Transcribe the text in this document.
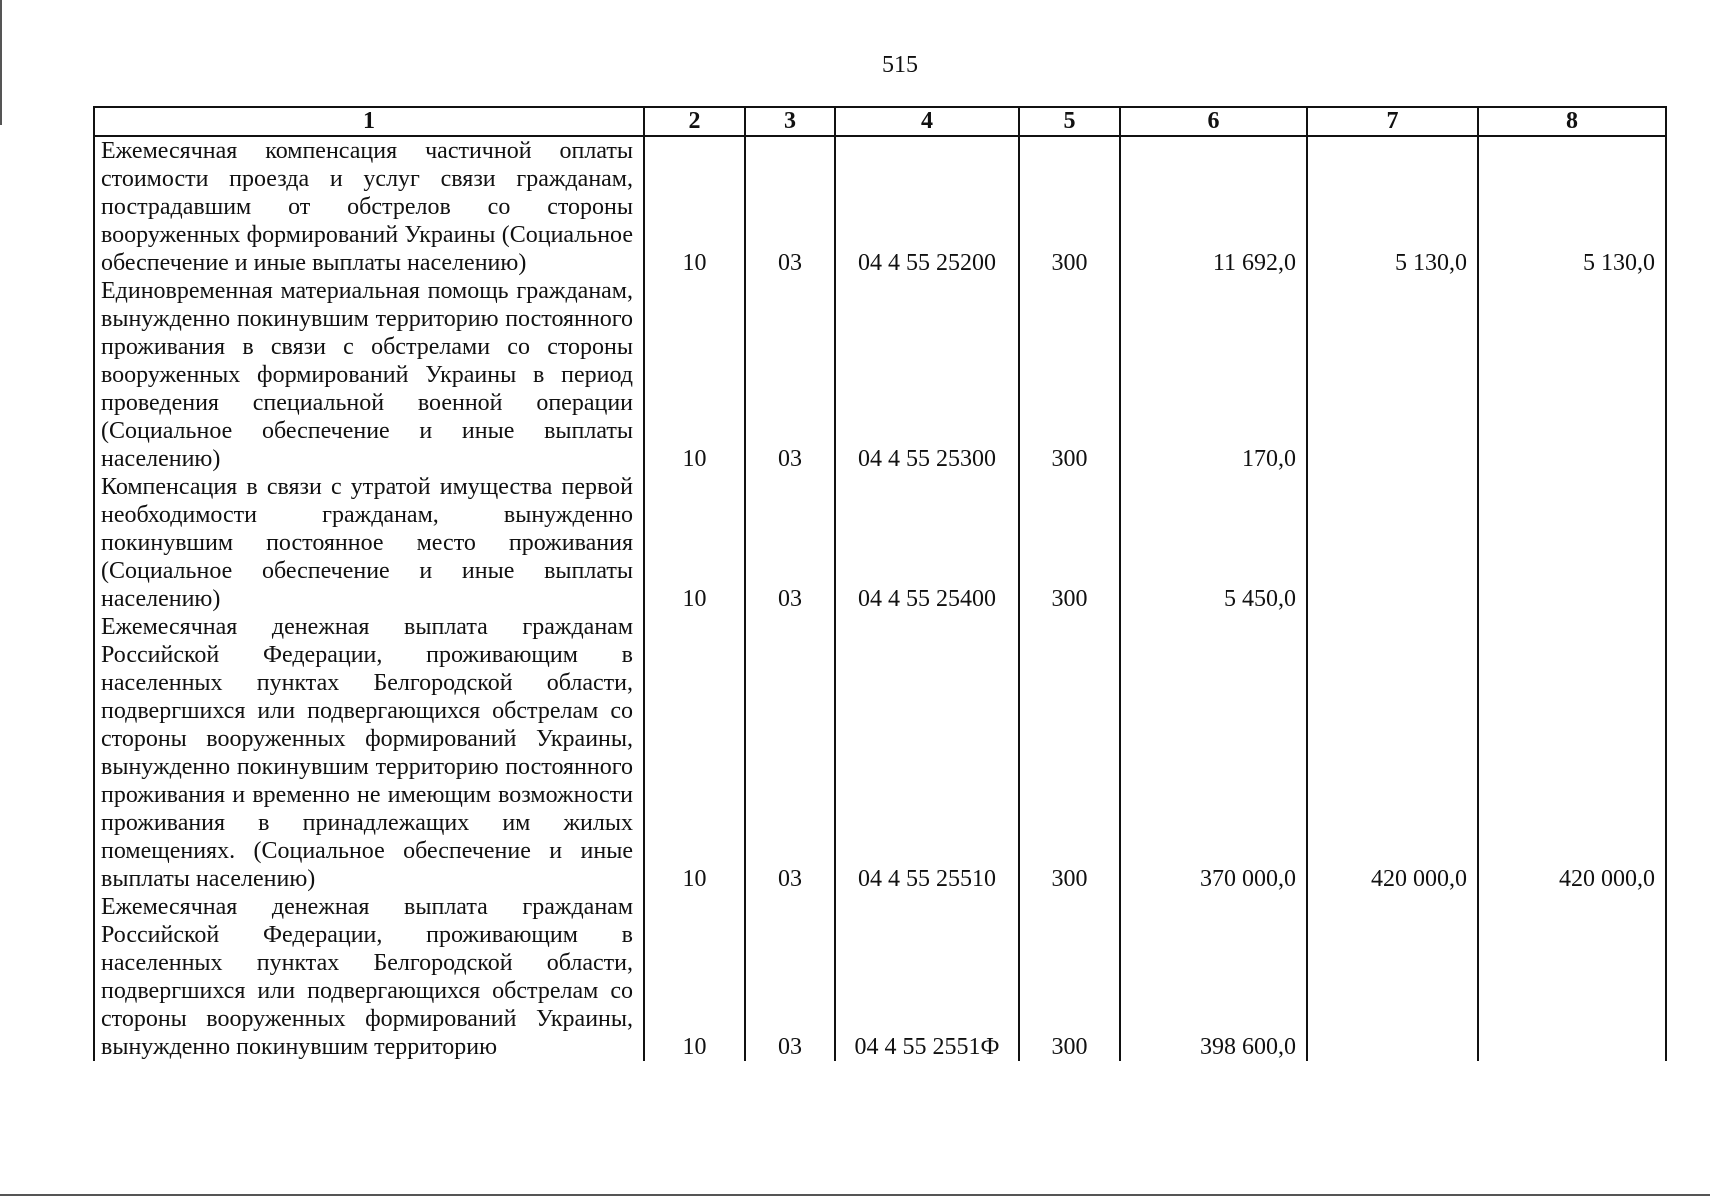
515
1	2	3	4	5	6	7	8
Ежемесячная компенсация частичной оплаты стоимости проезда и услуг связи гражданам, пострадавшим от обстрелов со стороны вооруженных формирований Украины (Социальное обеспечение и иные выплаты населению)	10	03	04 4 55 25200	300	11 692,0	5 130,0	5 130,0
Единовременная материальная помощь гражданам, вынужденно покинувшим территорию постоянного проживания в связи с обстрелами со стороны вооруженных формирований Украины в период проведения специальной военной операции (Социальное обеспечение и иные выплаты населению)	10	03	04 4 55 25300	300	170,0		
Компенсация в связи с утратой имущества первой необходимости гражданам, вынужденно покинувшим постоянное место проживания (Социальное обеспечение и иные выплаты населению)	10	03	04 4 55 25400	300	5 450,0		
Ежемесячная денежная выплата гражданам Российской Федерации, проживающим в населенных пунктах Белгородской области, подвергшихся или подвергающихся обстрелам со стороны вооруженных формирований Украины, вынужденно покинувшим территорию постоянного проживания и временно не имеющим возможности проживания в принадлежащих им жилых помещениях. (Социальное обеспечение и иные выплаты населению)	10	03	04 4 55 25510	300	370 000,0	420 000,0	420 000,0
Ежемесячная денежная выплата гражданам Российской Федерации, проживающим в населенных пунктах Белгородской области, подвергшихся или подвергающихся обстрелам со стороны вооруженных формирований Украины, вынужденно покинувшим территорию	10	03	04 4 55 2551Ф	300	398 600,0		
